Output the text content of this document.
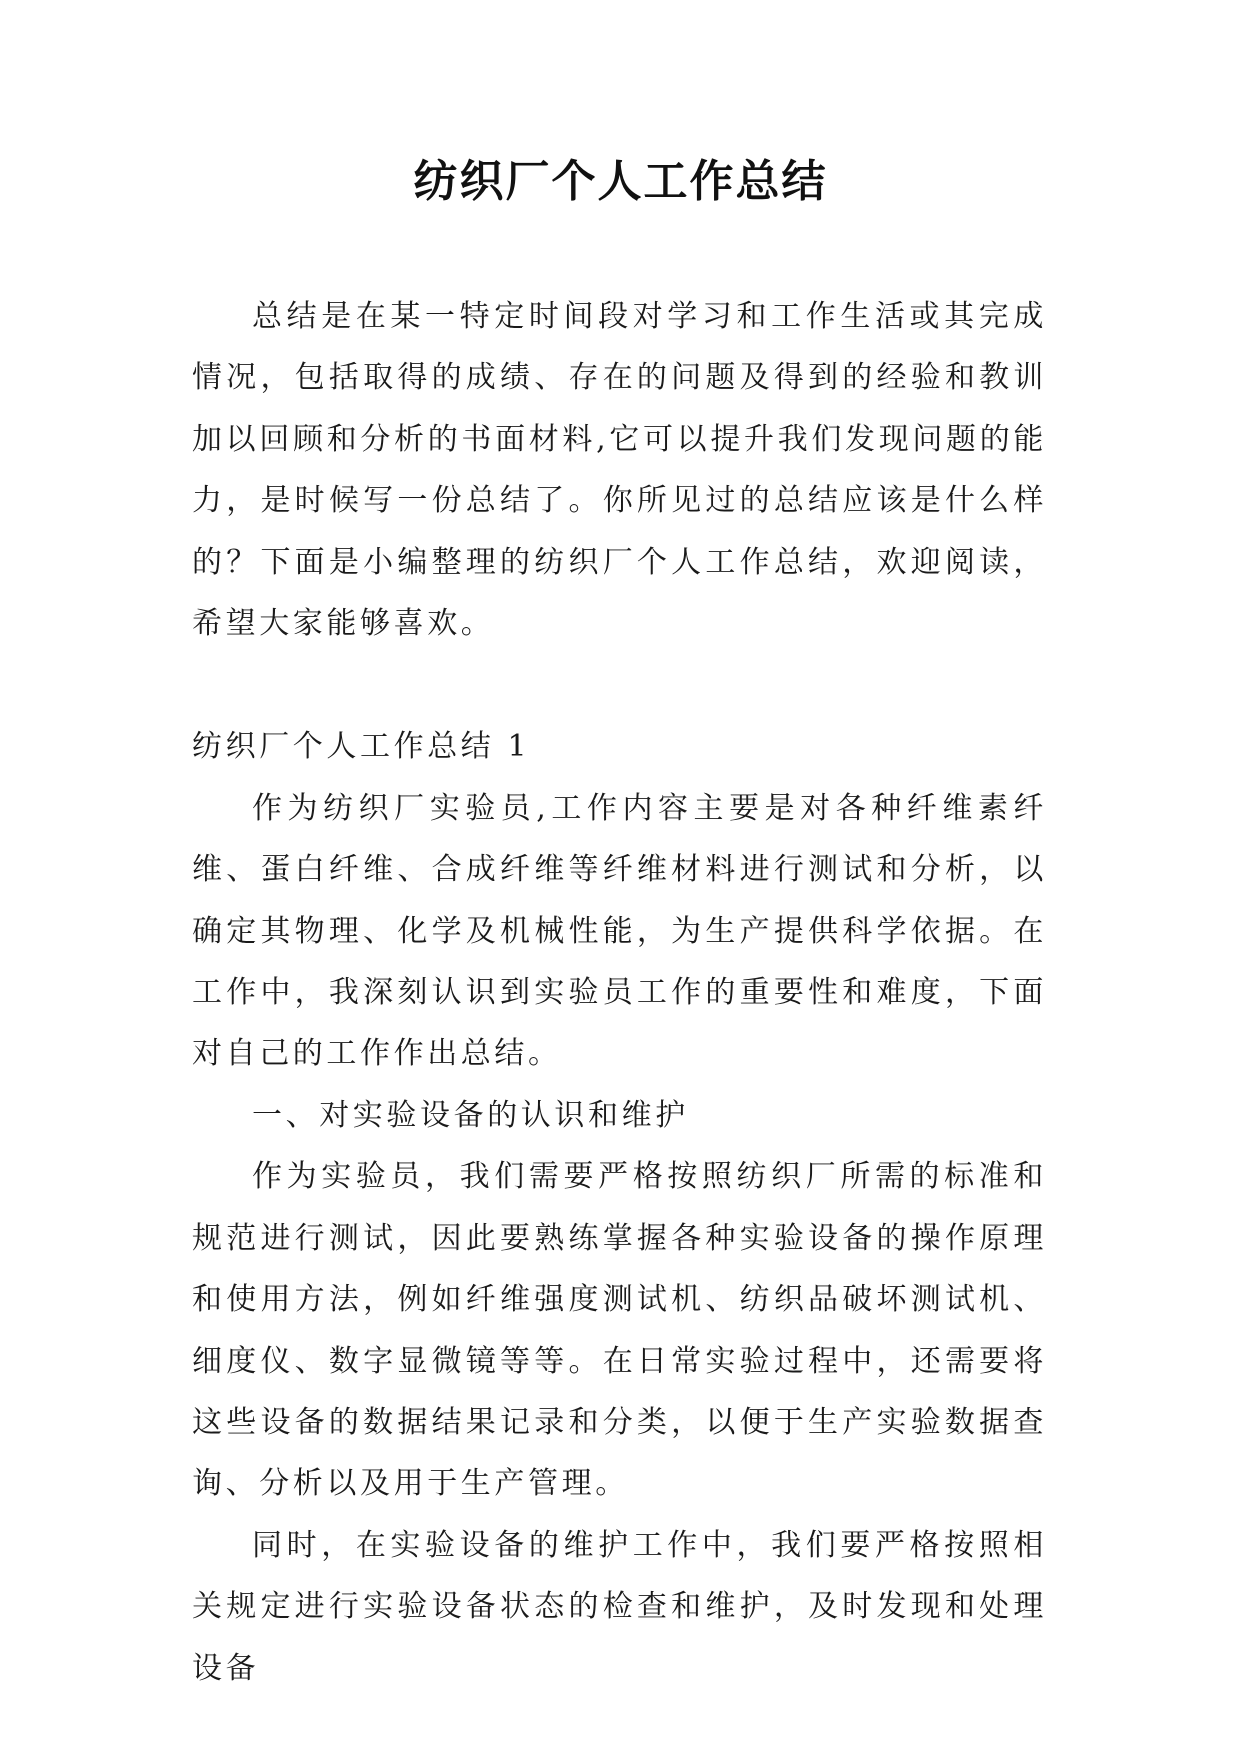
纺织厂个人工作总结

总结是在某一特定时间段对学习和工作生活或其完成情况，包括取得的成绩、存在的问题及得到的经验和教训加以回顾和分析的书面材料,它可以提升我们发现问题的能力，是时候写一份总结了。你所见过的总结应该是什么样的？下面是小编整理的纺织厂个人工作总结，欢迎阅读，希望大家能够喜欢。

纺织厂个人工作总结 1

作为纺织厂实验员,工作内容主要是对各种纤维素纤维、蛋白纤维、合成纤维等纤维材料进行测试和分析，以确定其物理、化学及机械性能，为生产提供科学依据。在工作中，我深刻认识到实验员工作的重要性和难度，下面对自己的工作作出总结。

一、对实验设备的认识和维护

作为实验员，我们需要严格按照纺织厂所需的标准和规范进行测试，因此要熟练掌握各种实验设备的操作原理和使用方法，例如纤维强度测试机、纺织品破坏测试机、细度仪、数字显微镜等等。在日常实验过程中，还需要将这些设备的数据结果记录和分类，以便于生产实验数据查询、分析以及用于生产管理。

同时，在实验设备的维护工作中，我们要严格按照相关规定进行实验设备状态的检查和维护，及时发现和处理设备
